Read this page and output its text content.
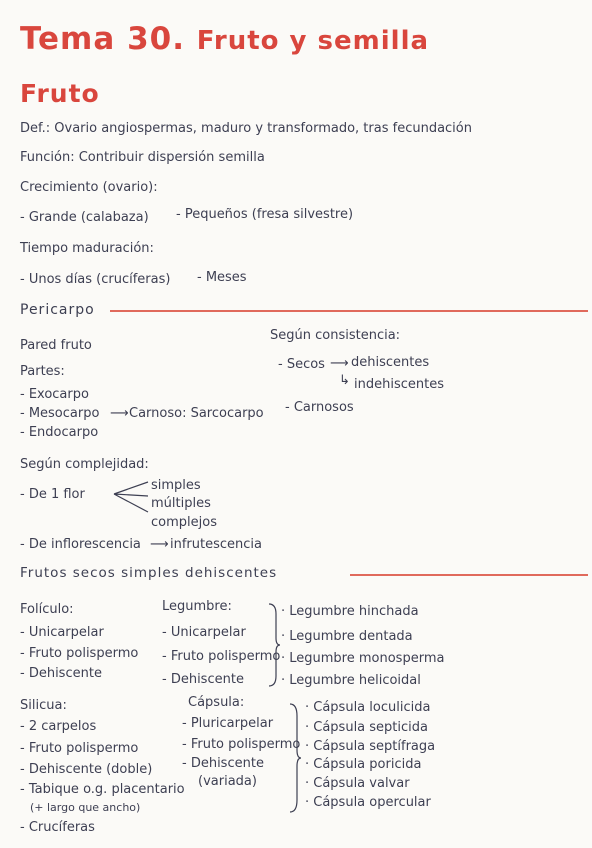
Tema 30. Fruto y semilla
Fruto
Def.: Ovario angiospermas, maduro y transformado, tras fecundación
Función: Contribuir dispersión semilla
Crecimiento (ovario):
- Grande (calabaza) - Pequeños (fresa silvestre)
Tiempo maduración:
- Unos días (crucíferas) - Meses
Pericarpo
Pared fruto
Partes:
- Exocarpo
- Mesocarpo ⟶ Carnoso: Sarcocarpo
- Endocarpo
Según consistencia:
- Secos ⟶ dehiscentes
↳ indehiscentes
- Carnosos
Según complejidad:
- De 1 flor
simples
múltiples
complejos
- De inflorescencia ⟶ infrutescencia
Frutos secos simples dehiscentes
Folículo:
- Unicarpelar
- Fruto polispermo
- Dehiscente
Legumbre:
- Unicarpelar
- Fruto polispermo
- Dehiscente
· Legumbre hinchada
· Legumbre dentada
· Legumbre monosperma
· Legumbre helicoidal
Silicua:
- 2 carpelos
- Fruto polispermo
- Dehiscente (doble)
- Tabique o.g. placentario
(+ largo que ancho)
- Crucíferas
Cápsula:
- Pluricarpelar
- Fruto polispermo
- Dehiscente
(variada)
· Cápsula loculicida
· Cápsula septicida
· Cápsula septífraga
· Cápsula poricida
· Cápsula valvar
· Cápsula opercular
